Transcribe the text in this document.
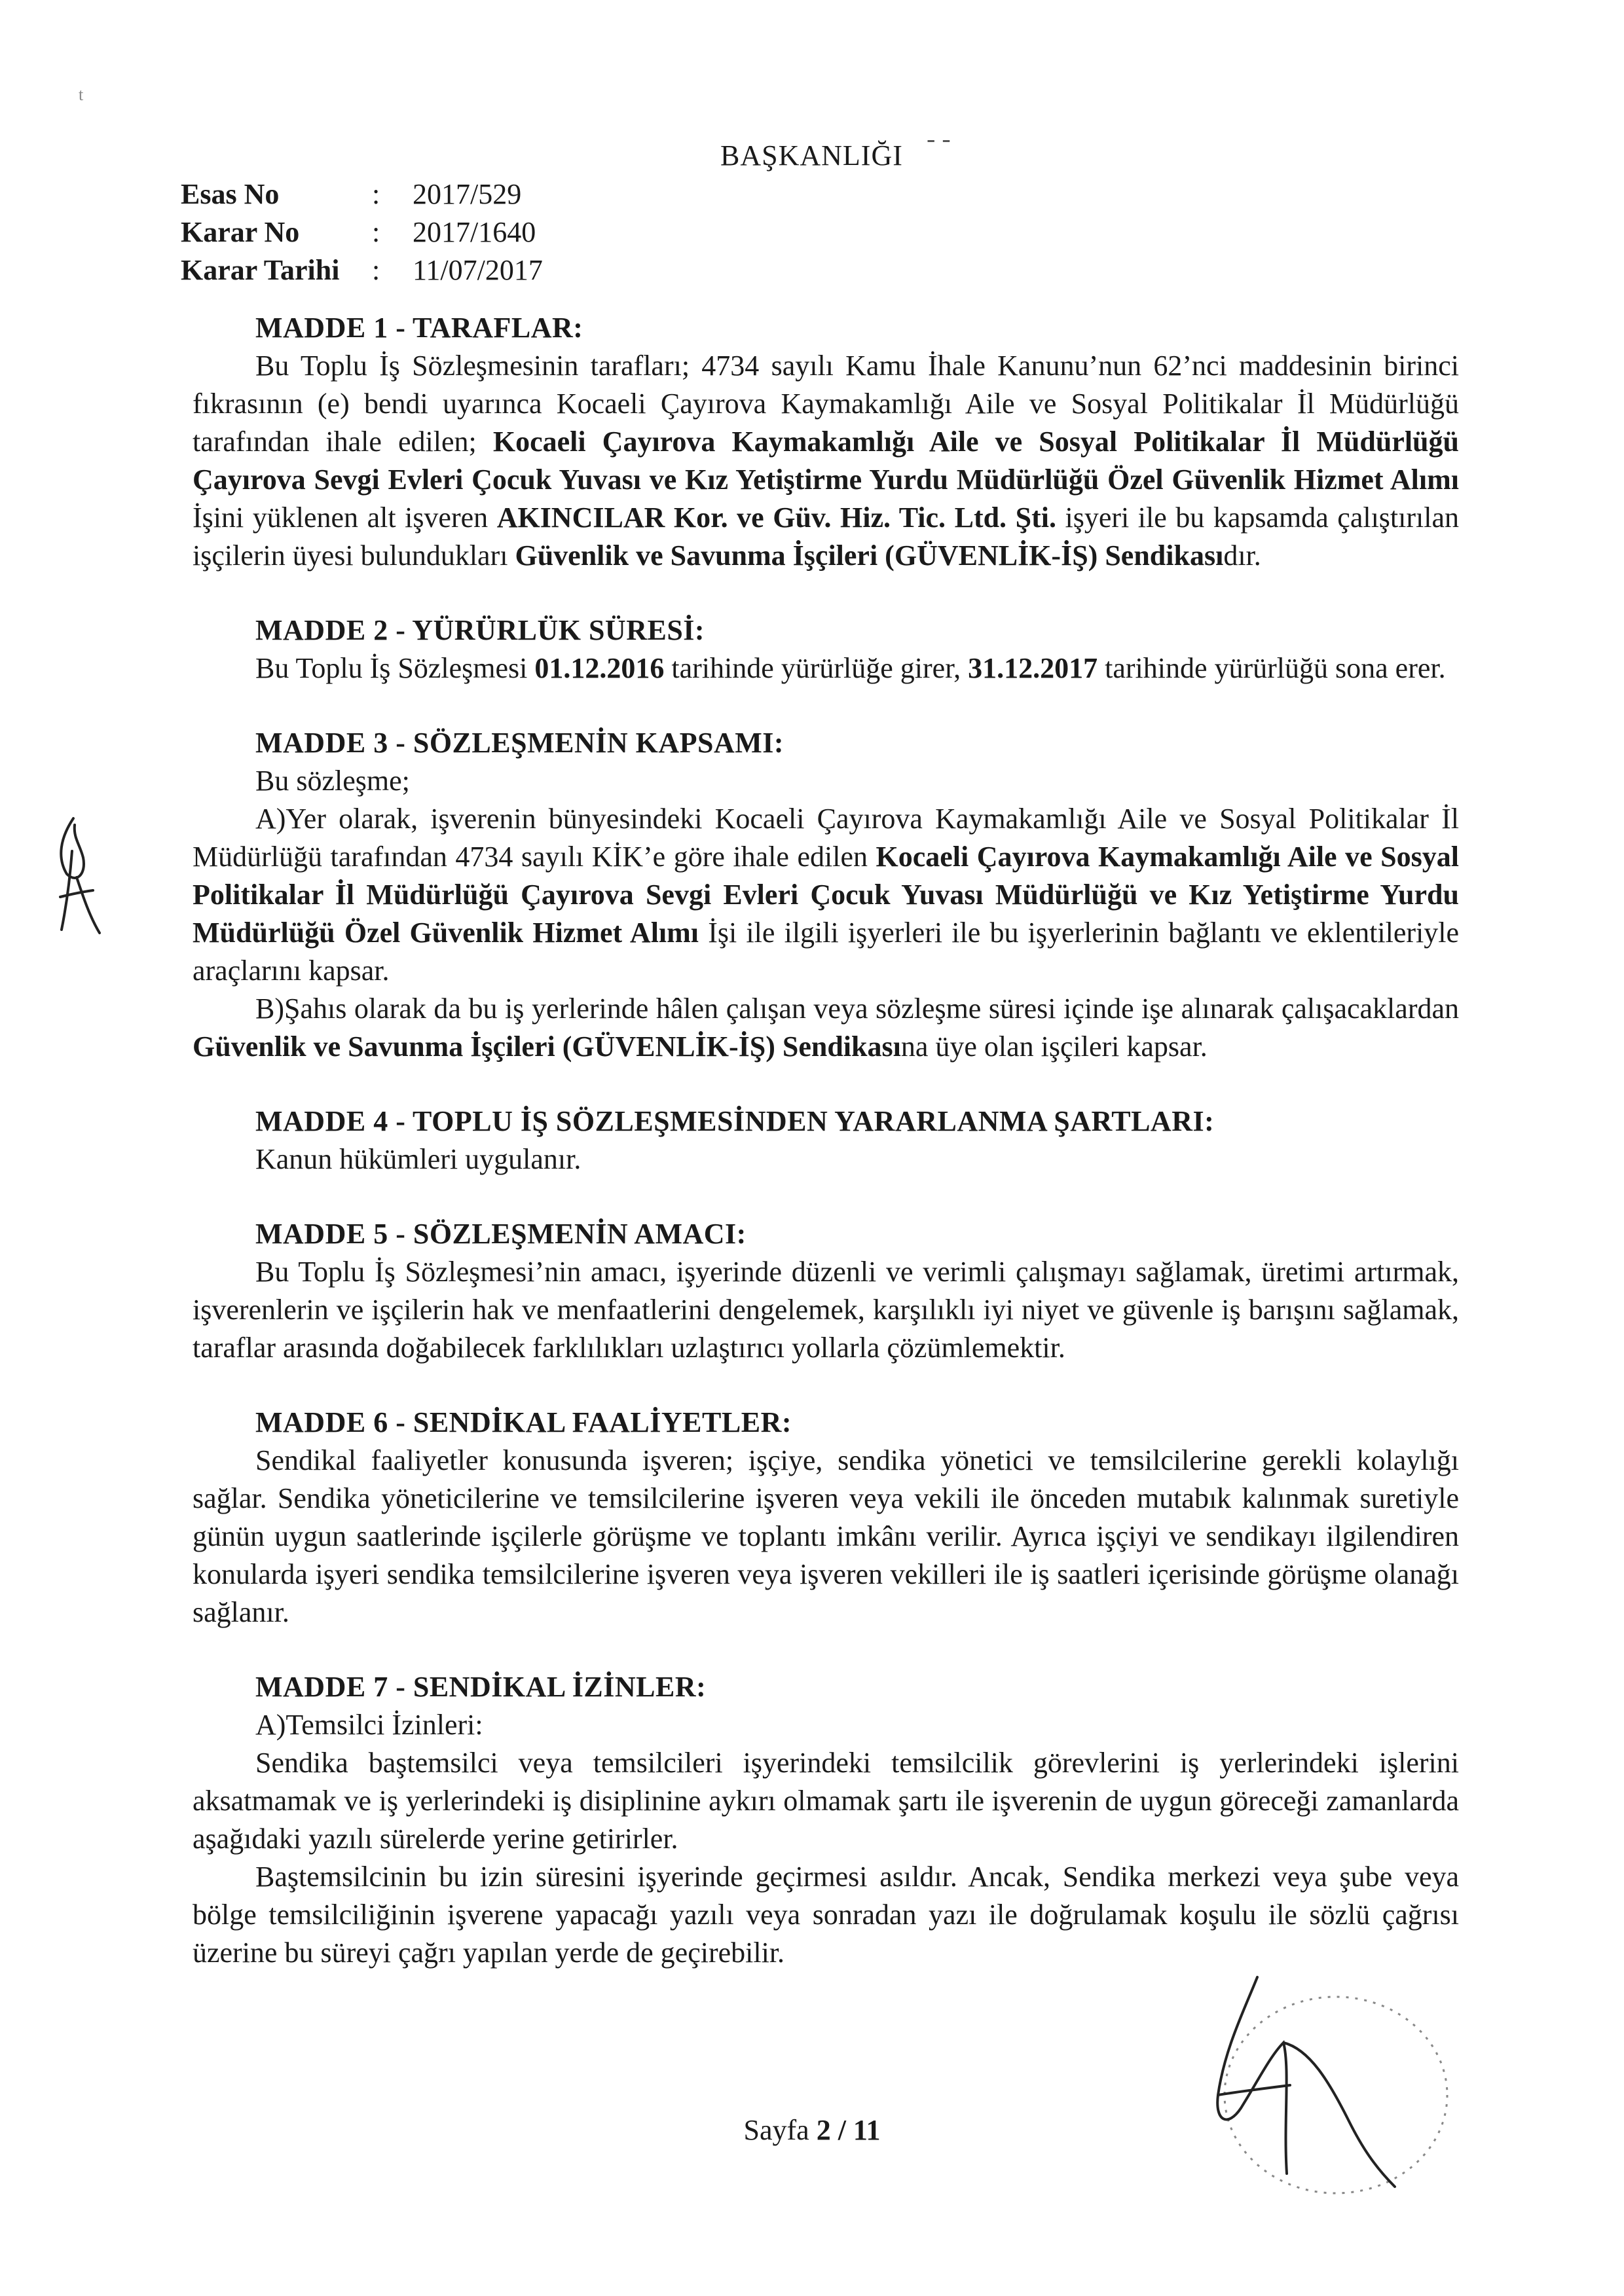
t
BAŞKANLIĞI
- -
Esas No	:	2017/529
Karar No	:	2017/1640
Karar Tarihi	:	11/07/2017
MADDE 1 - TARAFLAR:

Bu Toplu İş Sözleşmesinin tarafları; 4734 sayılı Kamu İhale Kanunu’nun 62’nci maddesinin birinci fıkrasının (e) bendi uyarınca Kocaeli Çayırova Kaymakamlığı Aile ve Sosyal Politikalar İl Müdürlüğü tarafından ihale edilen; Kocaeli Çayırova Kaymakamlığı Aile ve Sosyal Politikalar İl Müdürlüğü Çayırova Sevgi Evleri Çocuk Yuvası ve Kız Yetiştirme Yurdu Müdürlüğü Özel Güvenlik Hizmet Alımı İşini yüklenen alt işveren AKINCILAR Kor. ve Güv. Hiz. Tic. Ltd. Şti. işyeri ile bu kapsamda çalıştırılan işçilerin üyesi bulundukları Güvenlik ve Savunma İşçileri (GÜVENLİK-İŞ) Sendikasıdır.

MADDE 2 - YÜRÜRLÜK SÜRESİ:

Bu Toplu İş Sözleşmesi 01.12.2016 tarihinde yürürlüğe girer, 31.12.2017 tarihinde yürürlüğü sona erer.

MADDE 3 - SÖZLEŞMENİN KAPSAMI:

Bu sözleşme;

A)Yer olarak, işverenin bünyesindeki Kocaeli Çayırova Kaymakamlığı Aile ve Sosyal Politikalar İl Müdürlüğü tarafından 4734 sayılı KİK’e göre ihale edilen Kocaeli Çayırova Kaymakamlığı Aile ve Sosyal Politikalar İl Müdürlüğü Çayırova Sevgi Evleri Çocuk Yuvası Müdürlüğü ve Kız Yetiştirme Yurdu Müdürlüğü Özel Güvenlik Hizmet Alımı İşi ile ilgili işyerleri ile bu işyerlerinin bağlantı ve eklentileriyle araçlarını kapsar.

B)Şahıs olarak da bu iş yerlerinde hâlen çalışan veya sözleşme süresi içinde işe alınarak çalışacaklardan Güvenlik ve Savunma İşçileri (GÜVENLİK-İŞ) Sendikasına üye olan işçileri kapsar.

MADDE 4 - TOPLU İŞ SÖZLEŞMESİNDEN YARARLANMA ŞARTLARI:

Kanun hükümleri uygulanır.

MADDE 5 - SÖZLEŞMENİN AMACI:

Bu Toplu İş Sözleşmesi’nin amacı, işyerinde düzenli ve verimli çalışmayı sağlamak, üretimi artırmak, işverenlerin ve işçilerin hak ve menfaatlerini dengelemek, karşılıklı iyi niyet ve güvenle iş barışını sağlamak, taraflar arasında doğabilecek farklılıkları uzlaştırıcı yollarla çözümlemektir.

MADDE 6 - SENDİKAL FAALİYETLER:

Sendikal faaliyetler konusunda işveren; işçiye, sendika yönetici ve temsilcilerine gerekli kolaylığı sağlar. Sendika yöneticilerine ve temsilcilerine işveren veya vekili ile önceden mutabık kalınmak suretiyle günün uygun saatlerinde işçilerle görüşme ve toplantı imkânı verilir. Ayrıca işçiyi ve sendikayı ilgilendiren konularda işyeri sendika temsilcilerine işveren veya işveren vekilleri ile iş saatleri içerisinde görüşme olanağı sağlanır.

MADDE 7 - SENDİKAL İZİNLER:

A)Temsilci İzinleri:

Sendika baştemsilci veya temsilcileri işyerindeki temsilcilik görevlerini iş yerlerindeki işlerini aksatmamak ve iş yerlerindeki iş disiplinine aykırı olmamak şartı ile işverenin de uygun göreceği zamanlarda aşağıdaki yazılı sürelerde yerine getirirler.

Baştemsilcinin bu izin süresini işyerinde geçirmesi asıldır. Ancak, Sendika merkezi veya şube veya bölge temsilciliğinin işverene yapacağı yazılı veya sonradan yazı ile doğrulamak koşulu ile sözlü çağrısı üzerine bu süreyi çağrı yapılan yerde de geçirebilir.

Sayfa 2 / 11
